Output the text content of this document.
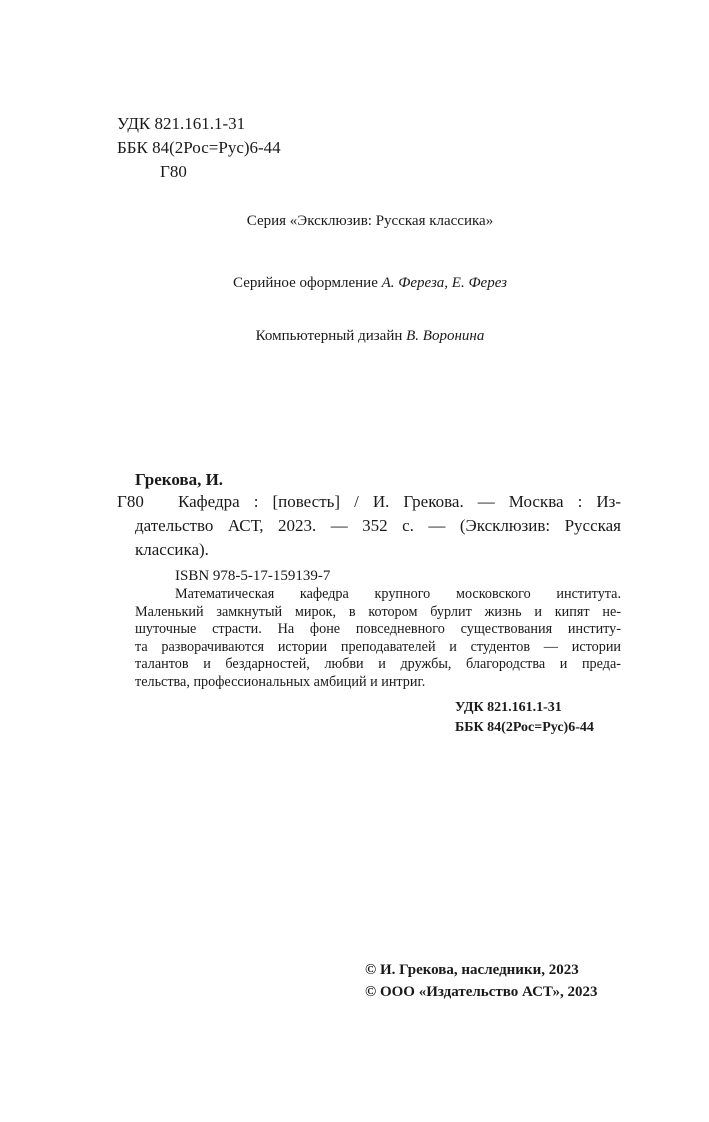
УДК 821.161.1-31
ББК 84(2Рос=Рус)6-44
Г80
Серия «Эксклюзив: Русская классика»
Серийное оформление А. Фереза, Е. Ферез
Компьютерный дизайн В. Воронина
Грекова, И.
Г80 Кафедра : [повесть] / И. Грекова. — Москва : Из-
дательство АСТ, 2023. — 352 с. — (Эксклюзив: Русская
классика).
ISBN 978-5-17-159139-7
Математическая кафедра крупного московского института.
Маленький замкнутый мирок, в котором бурлит жизнь и кипят не-
шуточные страсти. На фоне повседневного существования институ-
та разворачиваются истории преподавателей и студентов — истории
талантов и бездарностей, любви и дружбы, благородства и преда-
тельства, профессиональных амбиций и интриг.
УДК 821.161.1-31
ББК 84(2Рос=Рус)6-44
© И. Грекова, наследники, 2023
© ООО «Издательство АСТ», 2023
